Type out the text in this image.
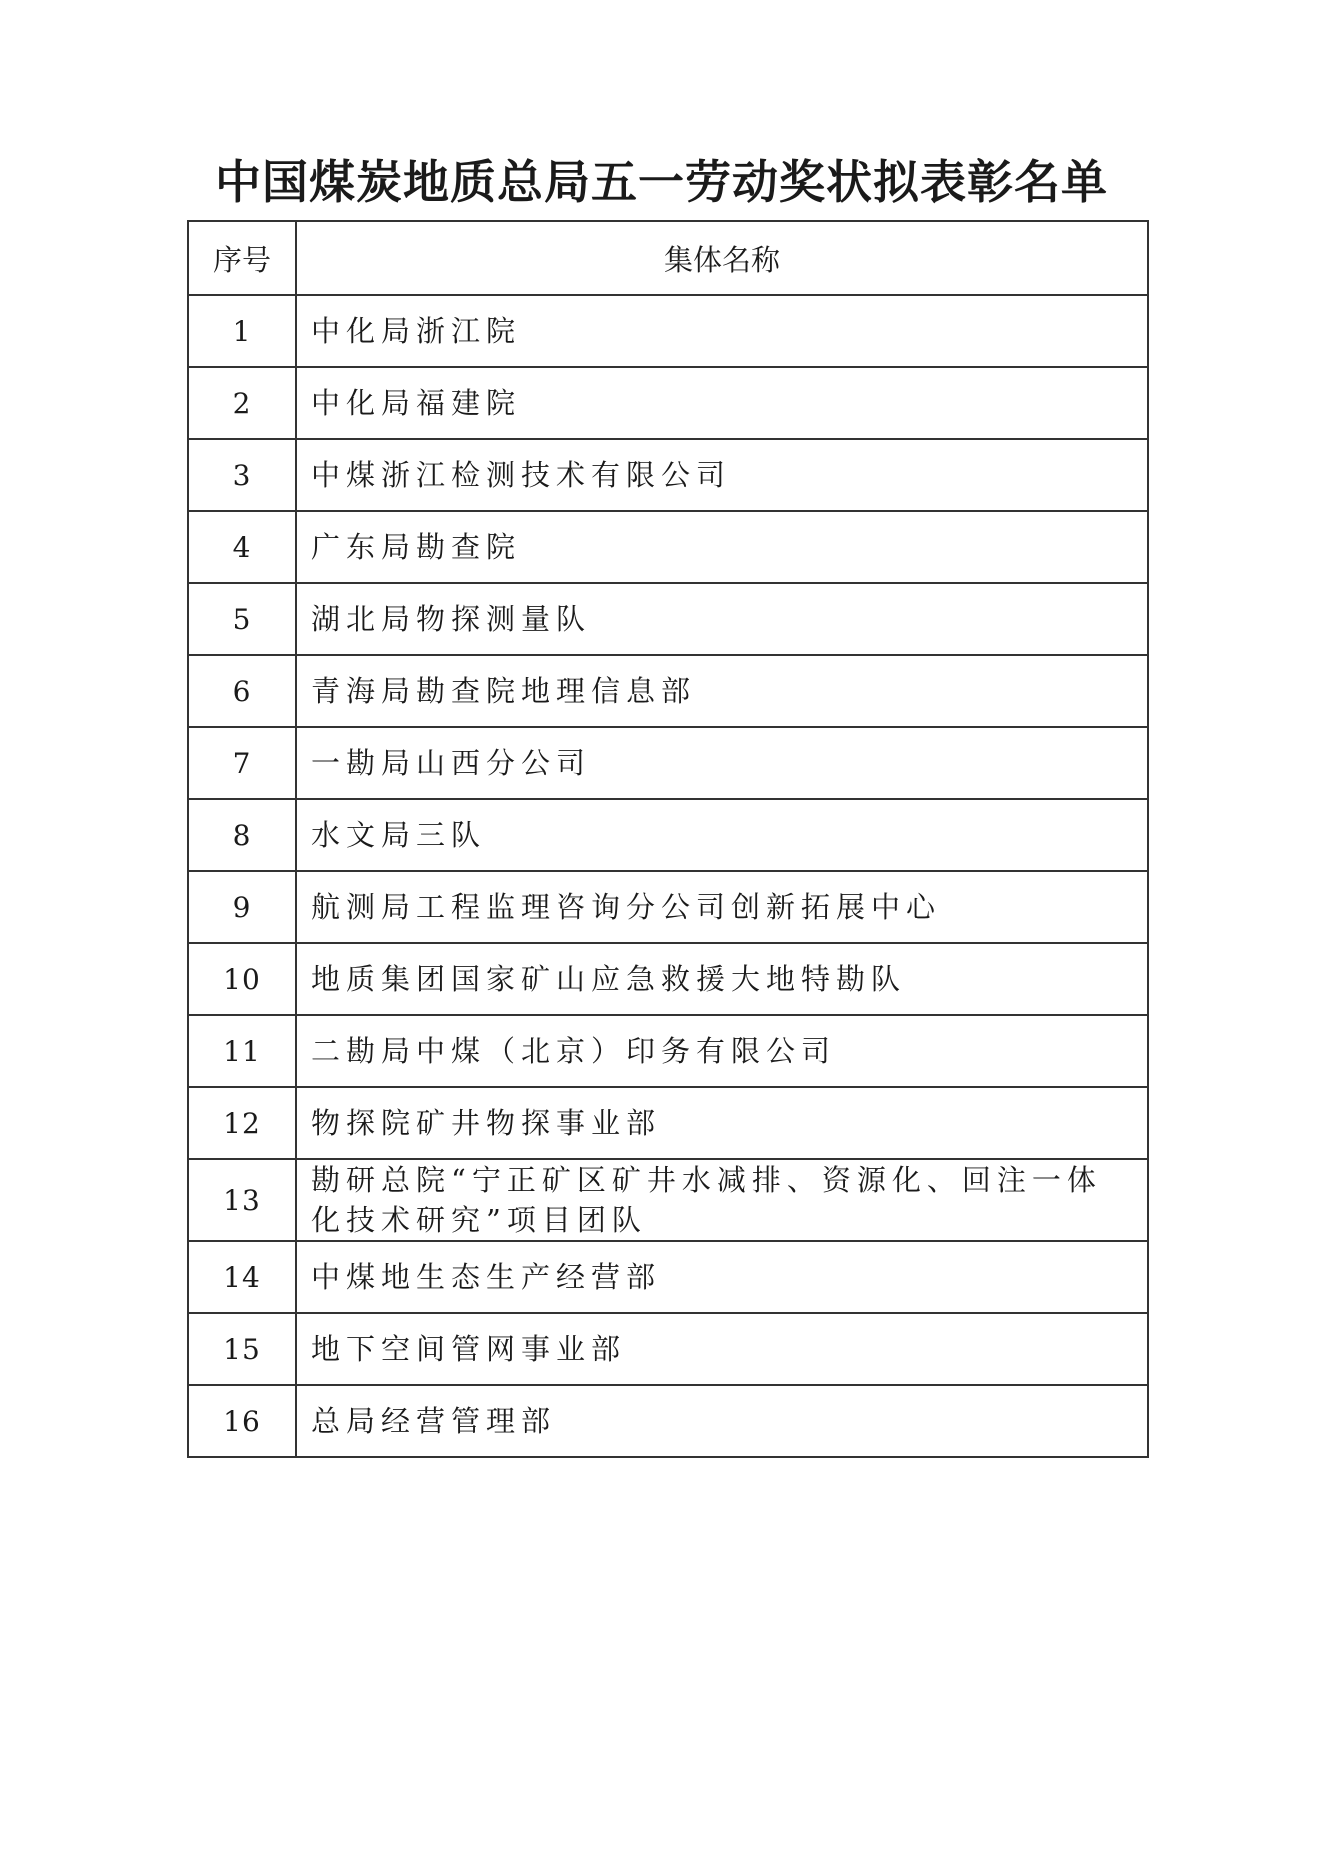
中国煤炭地质总局五一劳动奖状拟表彰名单
序号	集体名称
1	中化局浙江院
2	中化局福建院
3	中煤浙江检测技术有限公司
4	广东局勘查院
5	湖北局物探测量队
6	青海局勘查院地理信息部
7	一勘局山西分公司
8	水文局三队
9	航测局工程监理咨询分公司创新拓展中心
10	地质集团国家矿山应急救援大地特勘队
11	二勘局中煤（北京）印务有限公司
12	物探院矿井物探事业部
13	勘研总院“宁正矿区矿井水减排、资源化、回注一体化技术研究”项目团队
14	中煤地生态生产经营部
15	地下空间管网事业部
16	总局经营管理部
